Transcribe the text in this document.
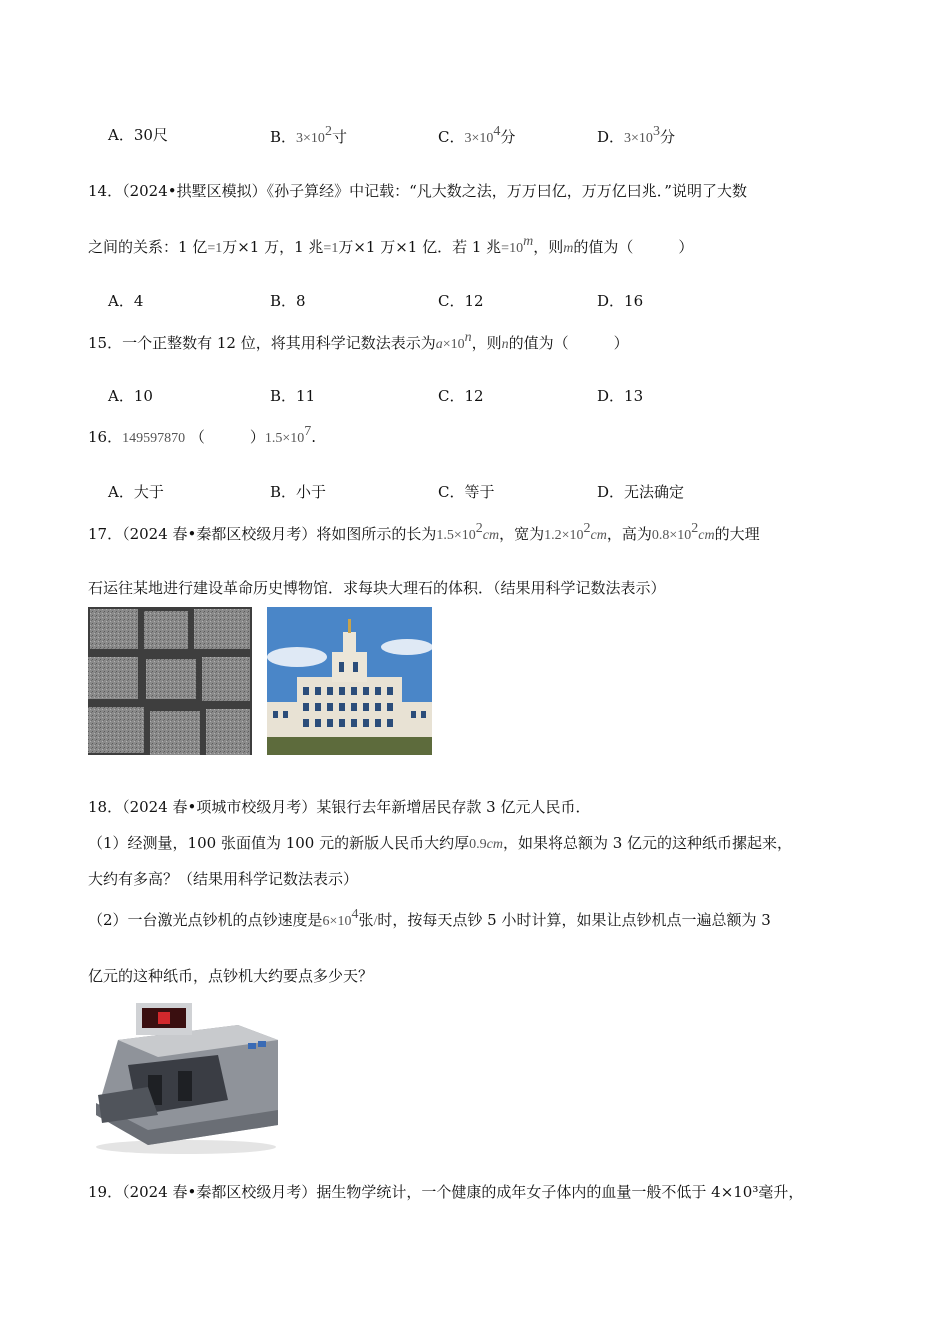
A．30尺	B．$3\times 10^2$寸	C．$3\times 10^4$分	D．$3\times 10^3$分
14．（2024•拱墅区模拟）《孙子算经》中记载：“凡大数之法，万万曰亿，万万亿曰兆．”说明了大数
之间的关系：1 亿=1万×1 万，1 兆=1万×1 万×1 亿．若 1 兆$=10^m$，则m的值为（　　　）
A．4	B．8	C．12	D．16
15．一个正整数有 12 位，将其用科学记数法表示为$a\times 10^n$，则n的值为（　　　）
A．10	B．11	C．12	D．13
16．149597870 （　　　）$1.5\times 10^7$.
A．大于	B．小于	C．等于	D．无法确定
17．（2024 春•秦都区校级月考）将如图所示的长为$1.5\times 10^2cm$，宽为$1.2\times 10^2cm$，高为$0.8\times 10^2cm$的大理
石运往某地进行建设革命历史博物馆．求每块大理石的体积．（结果用科学记数法表示）
18．（2024 春•项城市校级月考）某银行去年新增居民存款 3 亿元人民币．
（1）经测量，100 张面值为 100 元的新版人民币大约厚0.9cm，如果将总额为 3 亿元的这种纸币摞起来，
大约有多高？（结果用科学记数法表示）
（2）一台激光点钞机的点钞速度是$6\times 10^4$张/时，按每天点钞 5 小时计算，如果让点钞机点一遍总额为 3
亿元的这种纸币，点钞机大约要点多少天？
19．（2024 春•秦都区校级月考）据生物学统计，一个健康的成年女子体内的血量一般不低于 4×10³毫升，
